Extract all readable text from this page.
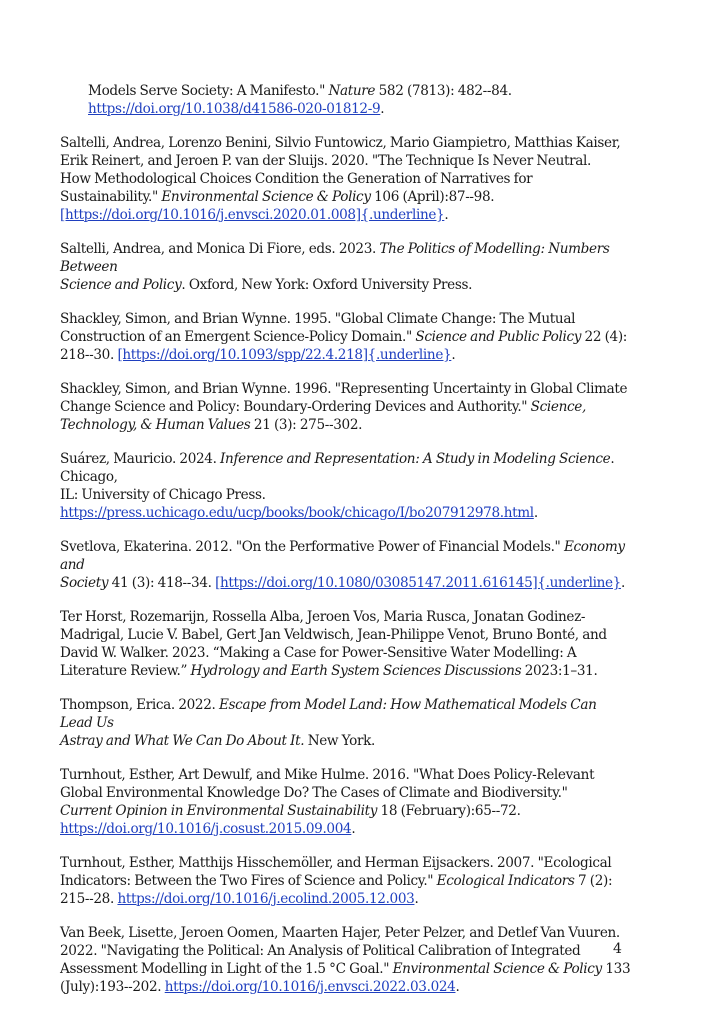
Models Serve Society: A Manifesto." Nature 582 (7813): 482--84.
https://doi.org/10.1038/d41586-020-01812-9.
Saltelli, Andrea, Lorenzo Benini, Silvio Funtowicz, Mario Giampietro, Matthias Kaiser,
Erik Reinert, and Jeroen P. van der Sluijs. 2020. "The Technique Is Never Neutral.
How Methodological Choices Condition the Generation of Narratives for
Sustainability." Environmental Science & Policy 106 (April):87--98.
[https://doi.org/10.1016/j.envsci.2020.01.008]{.underline}.
Saltelli, Andrea, and Monica Di Fiore, eds. 2023. The Politics of Modelling: Numbers Between
Science and Policy. Oxford, New York: Oxford University Press.
Shackley, Simon, and Brian Wynne. 1995. "Global Climate Change: The Mutual
Construction of an Emergent Science-Policy Domain." Science and Public Policy 22 (4):
218--30. [https://doi.org/10.1093/spp/22.4.218]{.underline}.
Shackley, Simon, and Brian Wynne. 1996. "Representing Uncertainty in Global Climate
Change Science and Policy: Boundary-Ordering Devices and Authority." Science,
Technology, & Human Values 21 (3): 275--302.
Suárez, Mauricio. 2024. Inference and Representation: A Study in Modeling Science. Chicago,
IL: University of Chicago Press.
https://press.uchicago.edu/ucp/books/book/chicago/I/bo207912978.html.
Svetlova, Ekaterina. 2012. "On the Performative Power of Financial Models." Economy and
Society 41 (3): 418--34. [https://doi.org/10.1080/03085147.2011.616145]{.underline}.
Ter Horst, Rozemarijn, Rossella Alba, Jeroen Vos, Maria Rusca, Jonatan Godinez-
Madrigal, Lucie V. Babel, Gert Jan Veldwisch, Jean-Philippe Venot, Bruno Bonté, and
David W. Walker. 2023. “Making a Case for Power-Sensitive Water Modelling: A
Literature Review.” Hydrology and Earth System Sciences Discussions 2023:1–31.
Thompson, Erica. 2022. Escape from Model Land: How Mathematical Models Can Lead Us
Astray and What We Can Do About It. New York.
Turnhout, Esther, Art Dewulf, and Mike Hulme. 2016. "What Does Policy-Relevant
Global Environmental Knowledge Do? The Cases of Climate and Biodiversity."
Current Opinion in Environmental Sustainability 18 (February):65--72.
https://doi.org/10.1016/j.cosust.2015.09.004.
Turnhout, Esther, Matthijs Hisschemöller, and Herman Eijsackers. 2007. "Ecological
Indicators: Between the Two Fires of Science and Policy." Ecological Indicators 7 (2):
215--28. https://doi.org/10.1016/j.ecolind.2005.12.003.
Van Beek, Lisette, Jeroen Oomen, Maarten Hajer, Peter Pelzer, and Detlef Van Vuuren.
2022. "Navigating the Political: An Analysis of Political Calibration of Integrated
Assessment Modelling in Light of the 1.5 °C Goal." Environmental Science & Policy 133
(July):193--202. https://doi.org/10.1016/j.envsci.2022.03.024.
4
